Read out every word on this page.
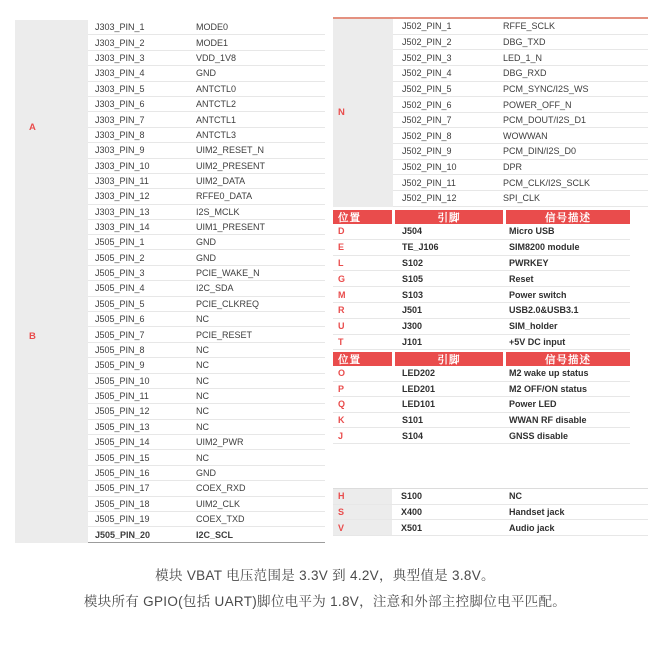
A
J303_PIN_1	MODE0
J303_PIN_2	MODE1
J303_PIN_3	VDD_1V8
J303_PIN_4	GND
J303_PIN_5	ANTCTL0
J303_PIN_6	ANTCTL2
J303_PIN_7	ANTCTL1
J303_PIN_8	ANTCTL3
J303_PIN_9	UIM2_RESET_N
J303_PIN_10	UIM2_PRESENT
J303_PIN_11	UIM2_DATA
J303_PIN_12	RFFE0_DATA
J303_PIN_13	I2S_MCLK
J303_PIN_14	UIM1_PRESENT
B
J505_PIN_1	GND
J505_PIN_2	GND
J505_PIN_3	PCIE_WAKE_N
J505_PIN_4	I2C_SDA
J505_PIN_5	PCIE_CLKREQ
J505_PIN_6	NC
J505_PIN_7	PCIE_RESET
J505_PIN_8	NC
J505_PIN_9	NC
J505_PIN_10	NC
J505_PIN_11	NC
J505_PIN_12	NC
J505_PIN_13	NC
J505_PIN_14	UIM2_PWR
J505_PIN_15	NC
J505_PIN_16	GND
J505_PIN_17	COEX_RXD
J505_PIN_18	UIM2_CLK
J505_PIN_19	COEX_TXD
J505_PIN_20	I2C_SCL
N
J502_PIN_1	RFFE_SCLK
J502_PIN_2	DBG_TXD
J502_PIN_3	LED_1_N
J502_PIN_4	DBG_RXD
J502_PIN_5	PCM_SYNC/I2S_WS
J502_PIN_6	POWER_OFF_N
J502_PIN_7	PCM_DOUT/I2S_D1
J502_PIN_8	WOWWAN
J502_PIN_9	PCM_DIN/I2S_D0
J502_PIN_10	DPR
J502_PIN_11	PCM_CLK/I2S_SCLK
J502_PIN_12	SPI_CLK
位置	引脚	信号描述
D	J504	Micro USB
E	TE_J106	SIM8200 module
L	S102	PWRKEY
G	S105	Reset
M	S103	Power switch
R	J501	USB2.0&USB3.1
U	J300	SIM_holder
T	J101	+5V DC input
位置	引脚	信号描述
O	LED202	M2 wake up status
P	LED201	M2 OFF/ON status
Q	LED101	Power LED
K	S101	WWAN RF disable
J	S104	GNSS disable
H	S100	NC
S	X400	Handset jack
V	X501	Audio jack
模块 VBAT 电压范围是 3.3V 到 4.2V，典型值是 3.8V。
模块所有 GPIO(包括 UART)脚位电平为 1.8V，注意和外部主控脚位电平匹配。
